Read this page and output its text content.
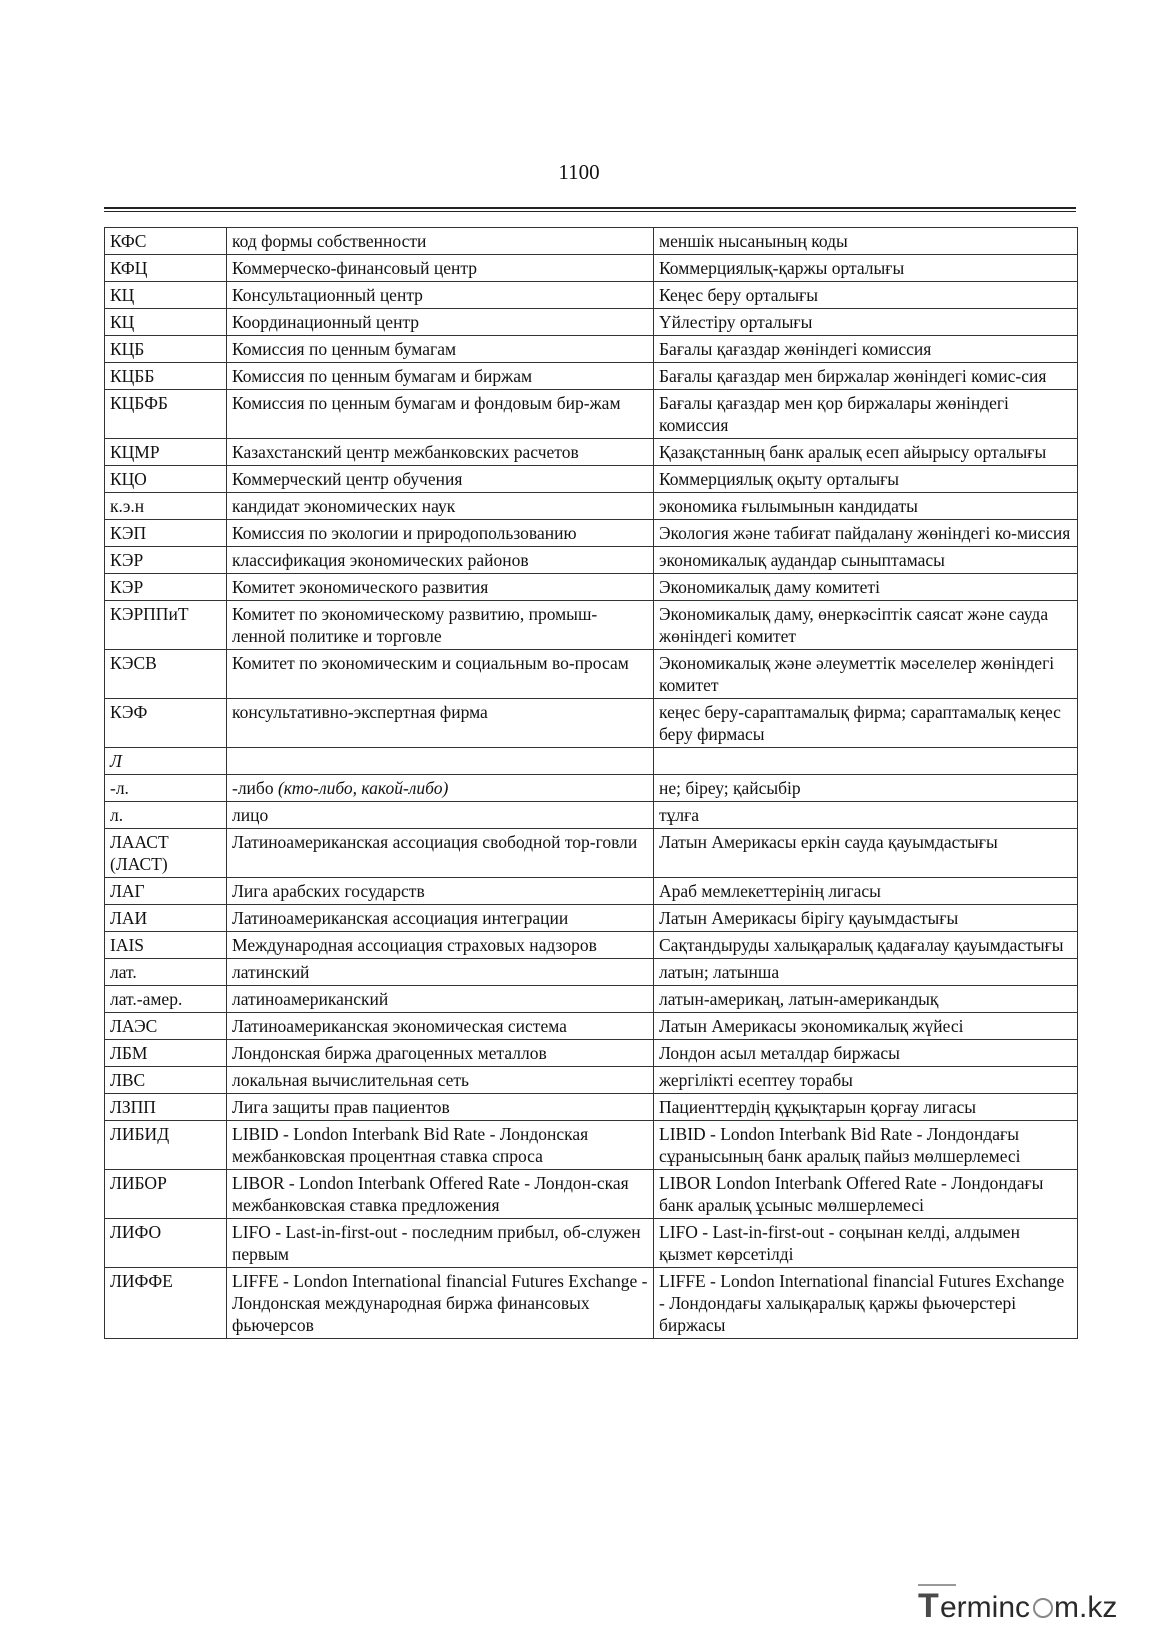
1100
КФС	код формы собственности	меншік нысанының коды
КФЦ	Коммерческо-финансовый центр	Коммерциялық-қаржы орталығы
КЦ	Консультационный центр	Кеңес беру орталығы
КЦ	Координационный центр	Үйлестіру орталығы
КЦБ	Комиссия по ценным бумагам	Бағалы қағаздар жөніндегі комиссия
КЦББ	Комиссия по ценным бумагам и биржам	Бағалы қағаздар мен биржалар жөніндегі комис-сия
КЦБФБ	Комиссия по ценным бумагам и фондовым бир-жам	Бағалы қағаздар мен қор биржалары жөніндегі комиссия
КЦМР	Казахстанский центр межбанковских расчетов	Қазақстанның банк аралық есеп айырысу орталығы
КЦО	Коммерческий центр обучения	Коммерциялық оқыту орталығы
к.э.н	кандидат экономических наук	экономика ғылымынын кандидаты
КЭП	Комиссия по экологии и природопользованию	Экология және табиғат пайдалану жөніндегі ко-миссия
КЭР	классификация экономических районов	экономикалық аудандар сыныптамасы
КЭР	Комитет экономического развития	Экономикалық даму комитеті
КЭРППиТ	Комитет по экономическому развитию, промыш-ленной политике и торговле	Экономикалық даму, өнеркәсіптік саясат және сауда жөніндегі комитет
КЭСВ	Комитет по экономическим и социальным во-просам	Экономикалық және әлеуметтік мәселелер жөніндегі комитет
КЭФ	консультативно-экспертная фирма	кеңес беру-сараптамалық фирма; сараптамалық кеңес беру фирмасы
Л		
-л.	-либо (кто-либо, какой-либо)	не; біреу; қайсыбір
л.	лицо	тұлға
ЛААСТ (ЛАСТ)	Латиноамериканская ассоциация свободной тор-говли	Латын Америкасы еркін сауда қауымдастығы
ЛАГ	Лига арабских государств	Араб мемлекеттерінің лигасы
ЛАИ	Латиноамериканская ассоциация интеграции	Латын Америкасы бірігу қауымдастығы
IAIS	Международная ассоциация страховых надзоров	Сақтандыруды халықаралық қадағалау қауымдастығы
лат.	латинский	латын; латынша
лат.-амер.	латиноамериканский	латын-америкаң, латын-американдық
ЛАЭС	Латиноамериканская экономическая система	Латын Америкасы экономикалық жүйесі
ЛБМ	Лондонская биржа драгоценных металлов	Лондон асыл металдар биржасы
ЛВС	локальная вычислительная сеть	жергілікті есептеу торабы
ЛЗПП	Лига защиты прав пациентов	Пациенттердің құқықтарын қорғау лигасы
ЛИБИД	LIBID - London Interbank Bid Rate - Лондонская межбанковская процентная ставка спроса	LIBID - London Interbank Bid Rate - Лондондағы сұранысының банк аралық пайыз мөлшерлемесі
ЛИБОР	LIBOR - London Interbank Offered Rate - Лондон-ская межбанковская ставка предложения	LIBOR London Interbank Offered Rate - Лондондағы банк аралық ұсыныс мөлшерлемесі
ЛИФО	LIFO - Last-in-first-out - последним прибыл, об-служен первым	LIFO - Last-in-first-out - соңынан келді, алдымен қызмет көрсетілді
ЛИФФЕ	LIFFE - London International financial Futures Exchange - Лондонская международная биржа финансовых фьючерсов	LIFFE - London International financial Futures Exchange - Лондондағы халықаралық қаржы фьючерстері биржасы
T erminc m.kz
